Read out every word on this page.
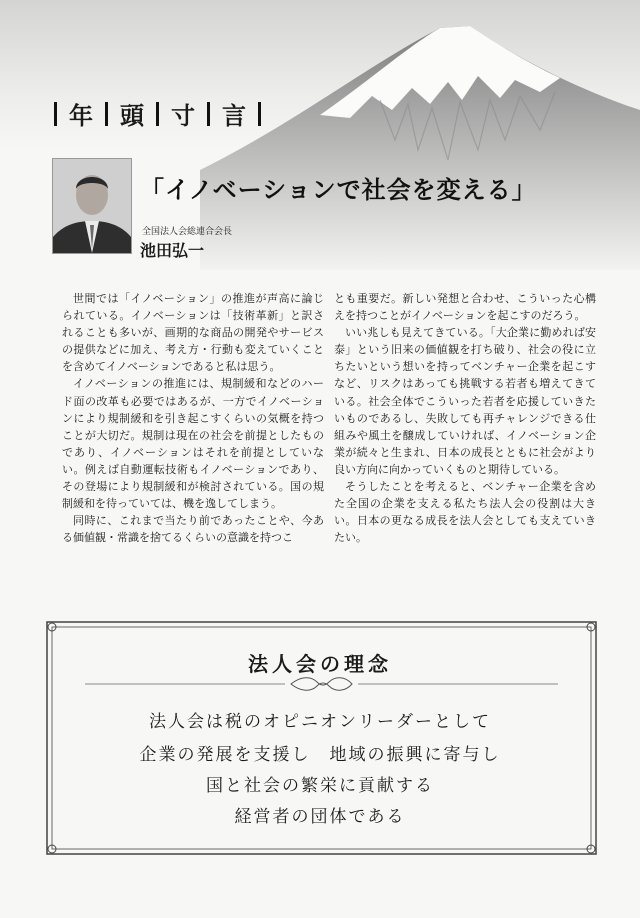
年 頭 寸 言
「イノベーションで社会を変える」
全国法人会総連合会長
池田弘一

世間では「イノベーション」の推進が声高に論じられている。イノベーションは「技術革新」と訳されることも多いが、画期的な商品の開発やサービスの提供などに加え、考え方・行動も変えていくことを含めてイノベーションであると私は思う。

イノベーションの推進には、規制緩和などのハード面の改革も必要ではあるが、一方でイノベーションにより規制緩和を引き起こすくらいの気概を持つことが大切だ。規制は現在の社会を前提としたものであり、イノベーションはそれを前提としていない。例えば自動運転技術もイノベーションであり、その登場により規制緩和が検討されている。国の規制緩和を待っていては、機を逸してしまう。

同時に、これまで当たり前であったことや、今ある価値観・常識を捨てるくらいの意識を持つこ

とも重要だ。新しい発想と合わせ、こういった心構えを持つことがイノベーションを起こすのだろう。

いい兆しも見えてきている。「大企業に勤めれば安泰」という旧来の価値観を打ち破り、社会の役に立ちたいという想いを持ってベンチャー企業を起こすなど、リスクはあっても挑戦する若者も増えてきている。社会全体でこういった若者を応援していきたいものであるし、失敗しても再チャレンジできる仕組みや風土を醸成していければ、イノベーション企業が続々と生まれ、日本の成長とともに社会がより良い方向に向かっていくものと期待している。

そうしたことを考えると、ベンチャー企業を含めた全国の企業を支える私たち法人会の役割は大きい。日本の更なる成長を法人会としても支えていきたい。

法人会の理念
法人会は税のオピニオンリーダーとして
企業の発展を支援し　地域の振興に寄与し
国と社会の繁栄に貢献する
経営者の団体である
